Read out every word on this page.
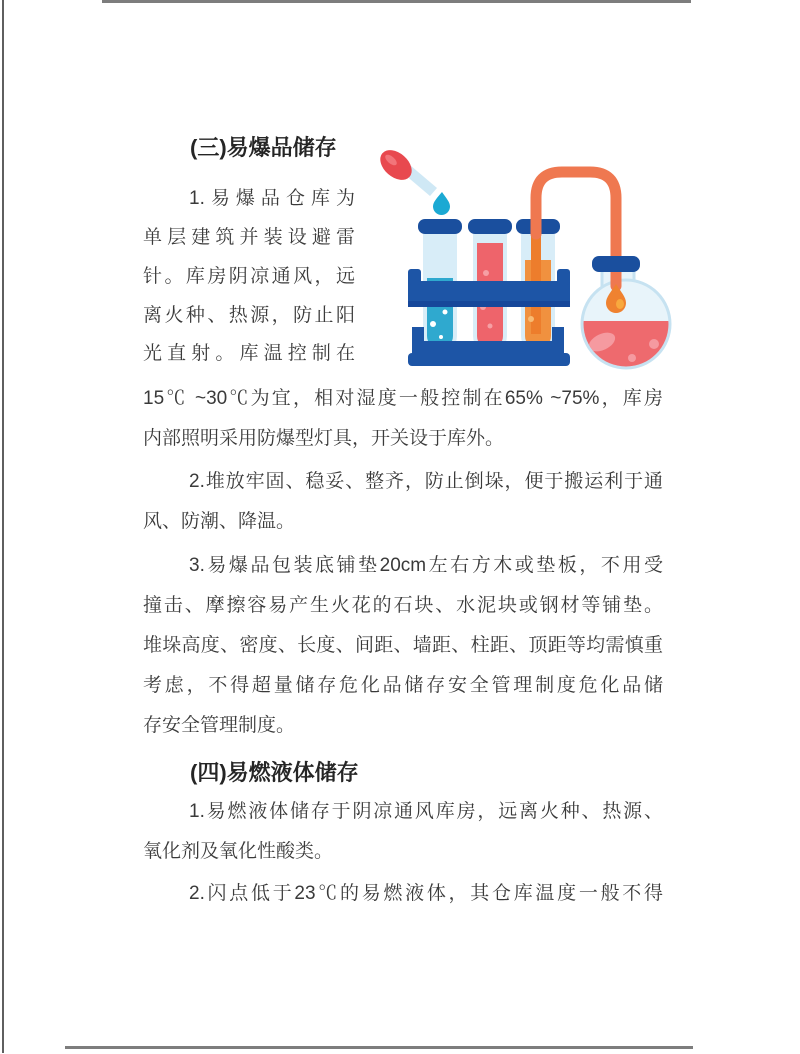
(三)易爆品储存
1.易爆品仓库为
单层建筑并装设避雷
针。库房阴凉通风，远
离火种、热源，防止阳
光直射。库温控制在
15℃ ~30℃为宜，相对湿度一般控制在65% ~75%，库房
内部照明采用防爆型灯具，开关设于库外。
2.堆放牢固、稳妥、整齐，防止倒垛，便于搬运利于通
风、防潮、降温。
3.易爆品包装底铺垫20cm左右方木或垫板，不用受
撞击、摩擦容易产生火花的石块、水泥块或钢材等铺垫。
堆垛高度、密度、长度、间距、墙距、柱距、顶距等均需慎重
考虑，不得超量储存危化品储存安全管理制度危化品储
存安全管理制度。
(四)易燃液体储存
1.易燃液体储存于阴凉通风库房，远离火种、热源、
氧化剂及氧化性酸类。
2.闪点低于23℃的易燃液体，其仓库温度一般不得
